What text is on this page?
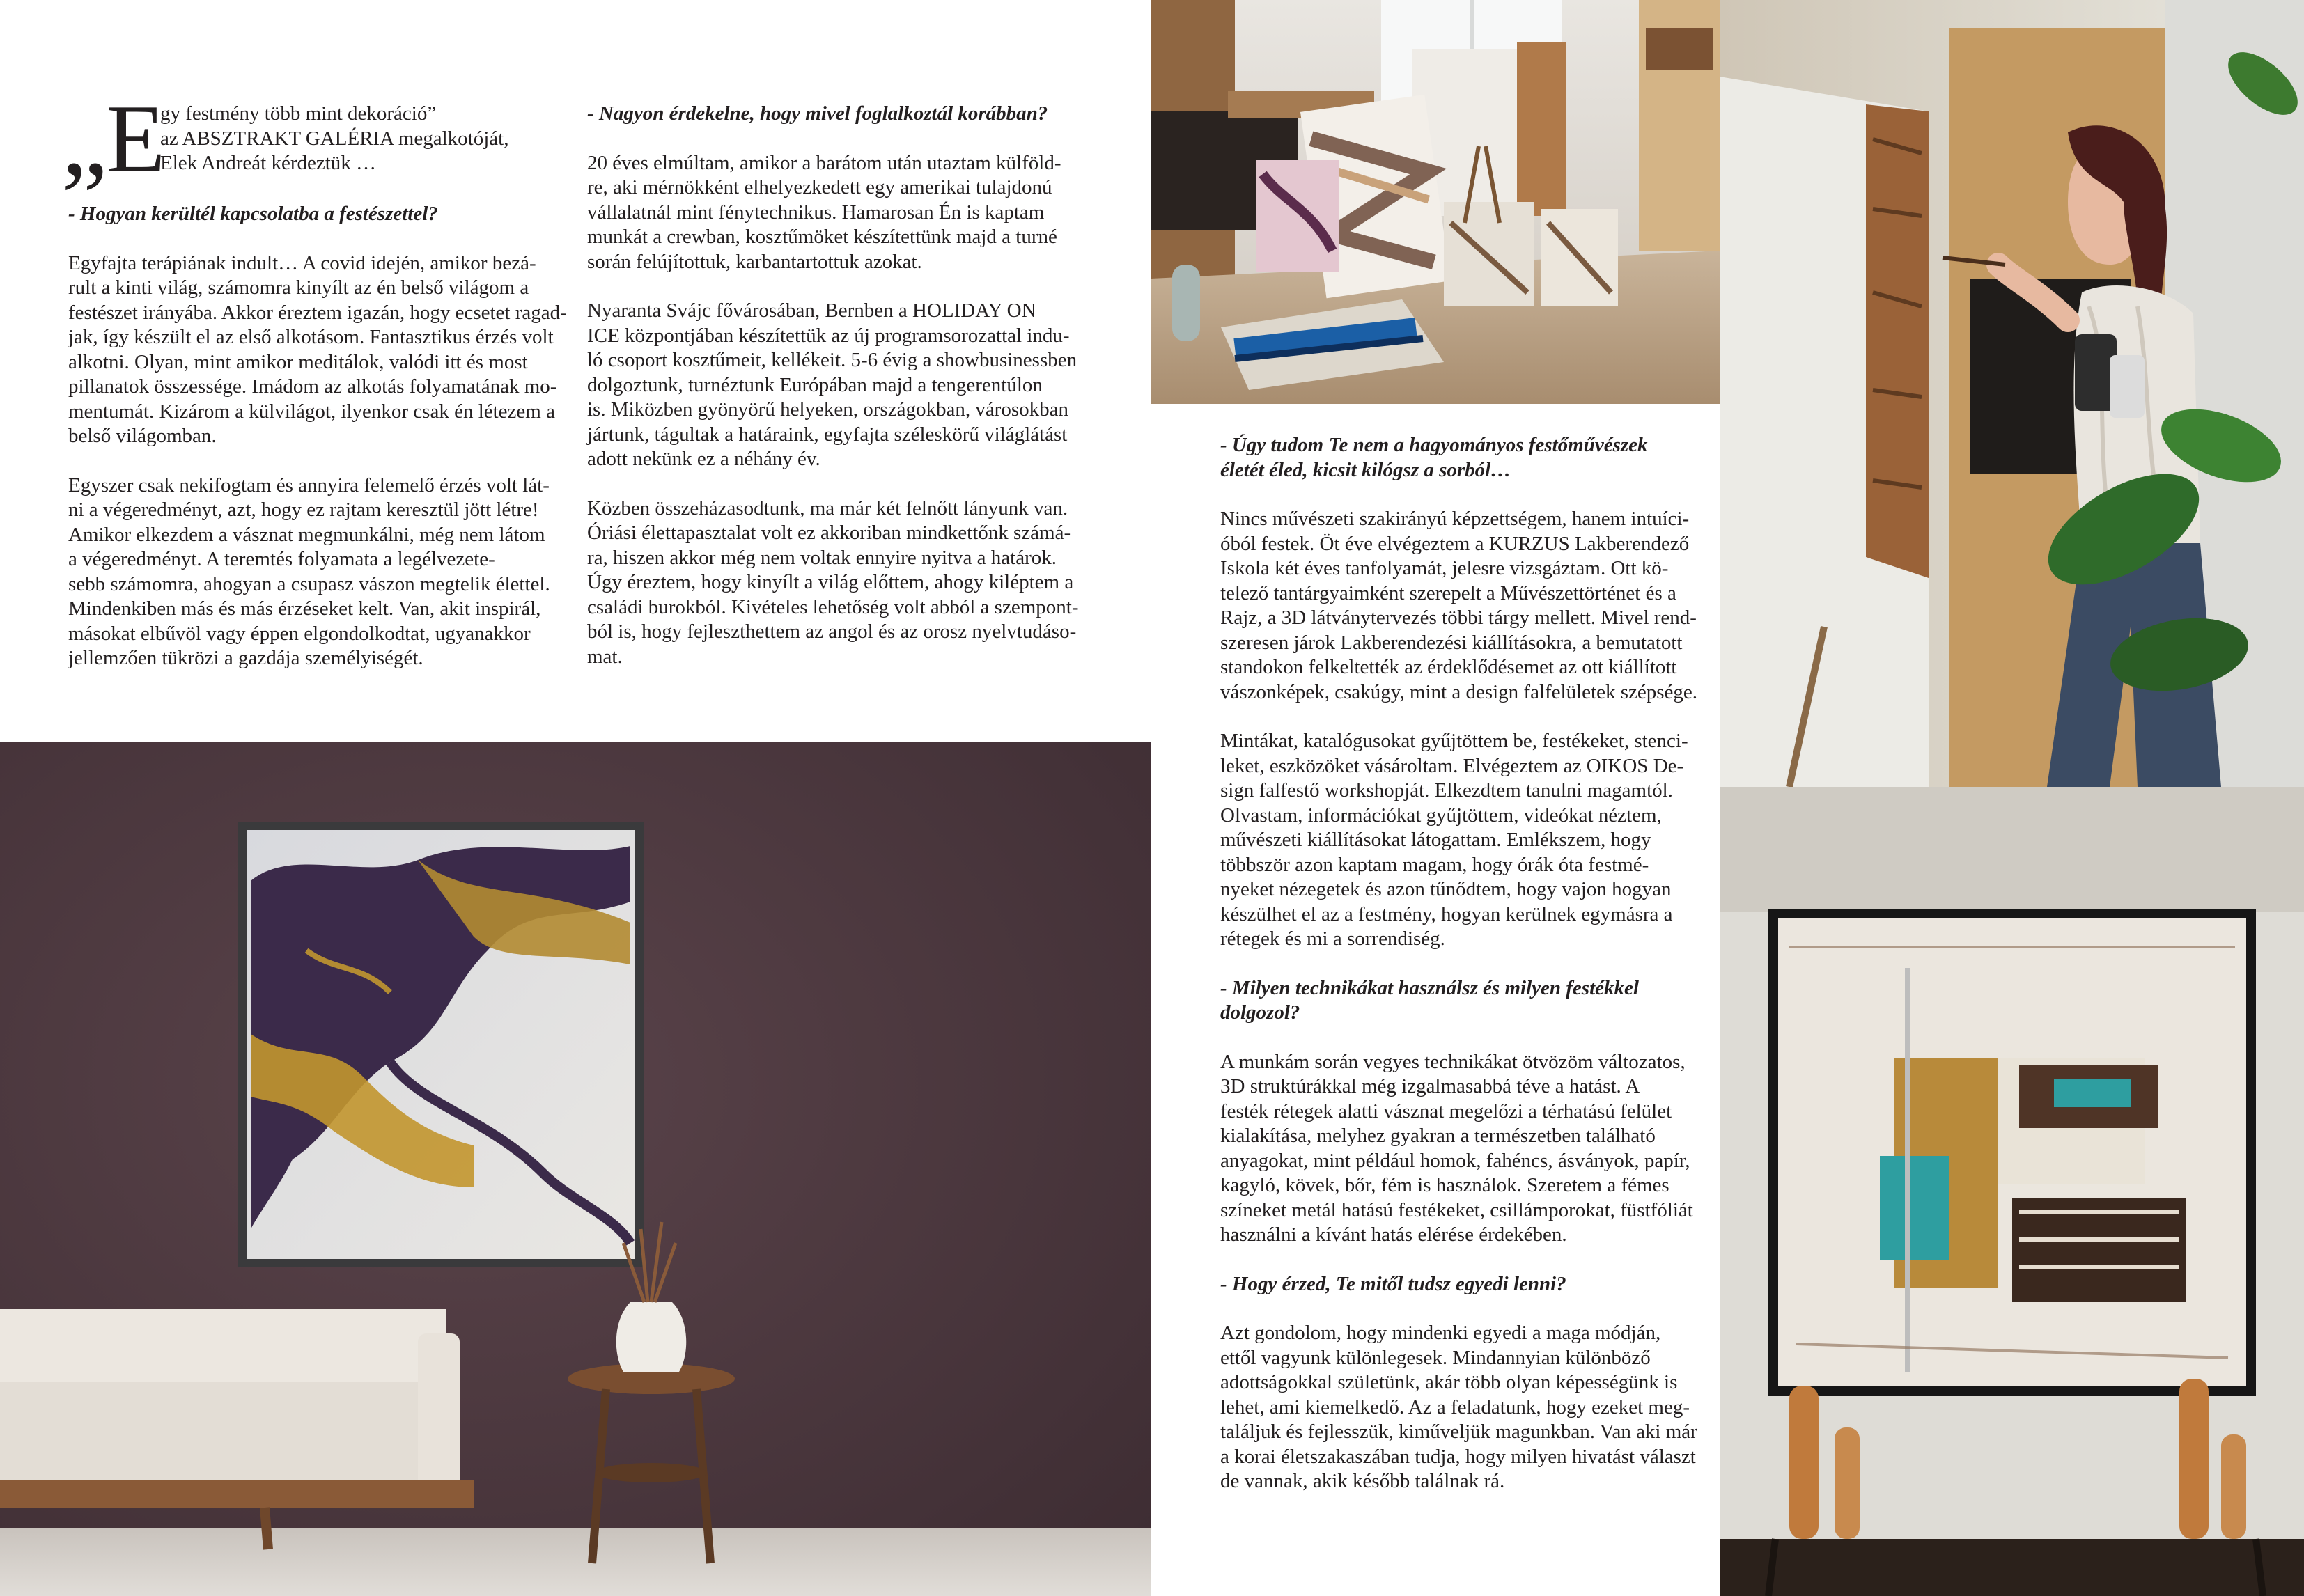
„
E
gy festmény több mint dekoráció”
az ABSZTRAKT GALÉRIA megalkotóját,
Elek Andreát kérdeztük …
- Hogyan kerültél kapcsolatba a festészettel?

Egyfajta terápiának indult… A covid idején, amikor bezá-
rult a kinti világ, számomra kinyílt az én belső világom a
festészet irányába. Akkor éreztem igazán, hogy ecsetet ragad-
jak, így készült el az első alkotásom. Fantasztikus érzés volt
alkotni. Olyan, mint amikor meditálok, valódi itt és most
pillanatok összessége. Imádom az alkotás folyamatának mo-
mentumát. Kizárom a külvilágot, ilyenkor csak én létezem a
belső világomban.

Egyszer csak nekifogtam és annyira felemelő érzés volt lát-
ni a végeredményt, azt, hogy ez rajtam keresztül jött létre!
Amikor elkezdem a vásznat megmunkálni, még nem látom
a végeredményt. A teremtés folyamata a legélvezete-
sebb számomra, ahogyan a csupasz vászon megtelik élettel.
Mindenkiben más és más érzéseket kelt. Van, akit inspirál,
másokat elbűvöl vagy éppen elgondolkodtat, ugyanakkor
jellemzően tükrözi a gazdája személyiségét.

- Nagyon érdekelne, hogy mivel foglalkoztál korábban?

20 éves elmúltam, amikor a barátom után utaztam külföld-
re, aki mérnökként elhelyezkedett egy amerikai tulajdonú
vállalatnál mint fénytechnikus. Hamarosan Én is kaptam
munkát a crewban, kosztűmöket készítettünk majd a turné
során felújítottuk, karbantartottuk azokat.

Nyaranta Svájc fővárosában, Bernben a HOLIDAY ON
ICE központjában készítettük az új programsorozattal indu-
ló csoport kosztűmeit, kellékeit. 5-6 évig a showbusinessben
dolgoztunk, turnéztunk Európában majd a tengerentúlon
is. Miközben gyönyörű helyeken, országokban, városokban
jártunk, tágultak a határaink, egyfajta széleskörű világlátást
adott nekünk ez a néhány év.

Közben összeházasodtunk, ma már két felnőtt lányunk van.
Óriási élettapasztalat volt ez akkoriban mindkettőnk számá-
ra, hiszen akkor még nem voltak ennyire nyitva a határok.
Úgy éreztem, hogy kinyílt a világ előttem, ahogy kiléptem a
családi burokból. Kivételes lehetőség volt abból a szempont-
ból is, hogy fejleszthettem az angol és az orosz nyelvtudáso-
mat.

- Úgy tudom Te nem a hagyományos festőművészek
életét éled, kicsit kilógsz a sorból…

Nincs művészeti szakirányú képzettségem, hanem intuíci-
óból festek. Öt éve elvégeztem a KURZUS Lakberendező
Iskola két éves tanfolyamát, jelesre vizsgáztam. Ott kö-
telező tantárgyaimként szerepelt a Művészettörténet és a
Rajz, a 3D látványtervezés többi tárgy mellett. Mivel rend-
szeresen járok Lakberendezési kiállításokra, a bemutatott
standokon felkeltették az érdeklődésemet az ott kiállított
vászonképek, csakúgy, mint a design falfelületek szépsége.

Mintákat, katalógusokat gyűjtöttem be, festékeket, stenci-
leket, eszközöket vásároltam. Elvégeztem az OIKOS De-
sign falfestő workshopját. Elkezdtem tanulni magamtól.
Olvastam, információkat gyűjtöttem, videókat néztem,
művészeti kiállításokat látogattam. Emlékszem, hogy
többször azon kaptam magam, hogy órák óta festmé-
nyeket nézegetek és azon tűnődtem, hogy vajon hogyan
készülhet el az a festmény, hogyan kerülnek egymásra a
rétegek és mi a sorrendiség.

- Milyen technikákat használsz és milyen festékkel dolgozol?

A munkám során vegyes technikákat ötvözöm változatos,
3D struktúrákkal még izgalmasabbá téve a hatást. A
festék rétegek alatti vásznat megelőzi a térhatású felület
kialakítása, melyhez gyakran a természetben található
anyagokat, mint például homok, fahéncs, ásványok, papír,
kagyló, kövek, bőr, fém is használok. Szeretem a fémes
színeket metál hatású festékeket, csillámporokat, füstfóliát
használni a kívánt hatás elérése érdekében.

- Hogy érzed, Te mitől tudsz egyedi lenni?

Azt gondolom, hogy mindenki egyedi a maga módján,
ettől vagyunk különlegesek. Mindannyian különböző
adottságokkal születünk, akár több olyan képességünk is
lehet, ami kiemelkedő. Az a feladatunk, hogy ezeket meg-
találjuk és fejlesszük, kiműveljük magunkban. Van aki már
a korai életszakaszában tudja, hogy milyen hivatást választ
de vannak, akik később találnak rá.
